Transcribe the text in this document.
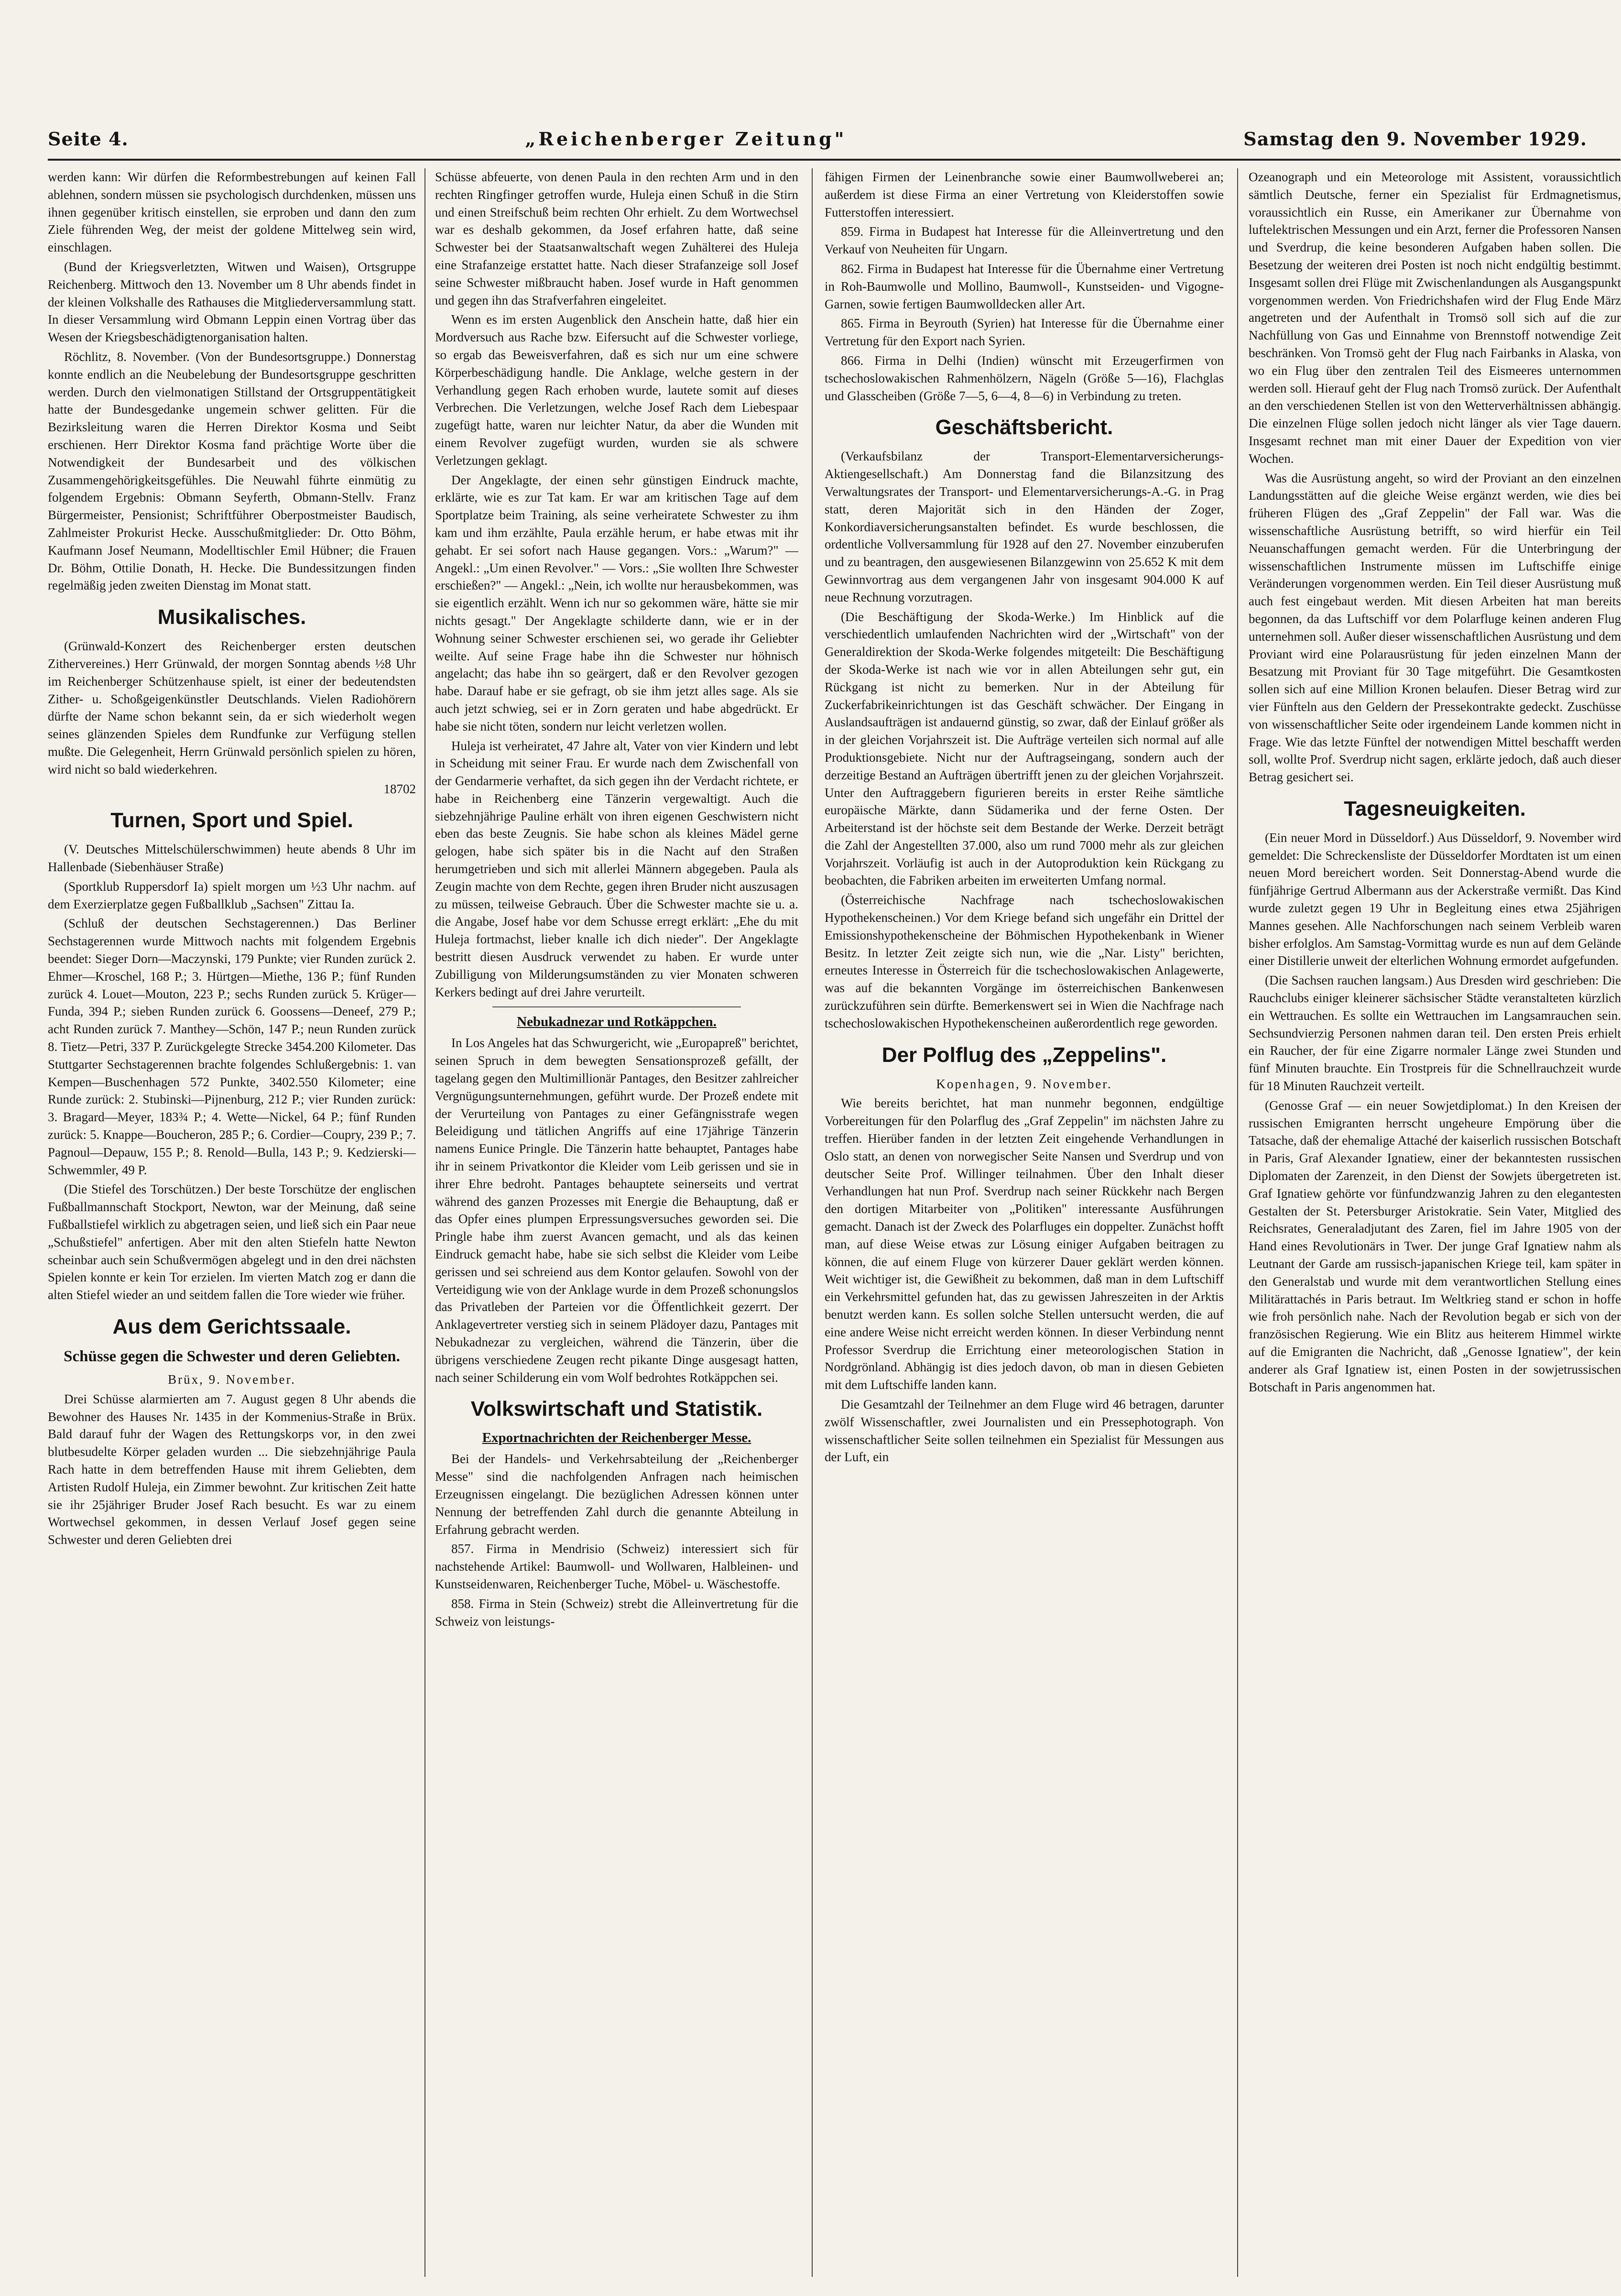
Seite 4.	„Reichenberger Zeitung"	Samstag den 9. November 1929.

werden kann: Wir dürfen die Reformbestrebungen auf keinen Fall ablehnen, sondern müssen sie psychologisch durchdenken, müssen uns ihnen gegenüber kritisch einstellen, sie erproben und dann den zum Ziele führenden Weg, der meist der goldene Mittelweg sein wird, einschlagen.

(Bund der Kriegsverletzten, Witwen und Waisen), Ortsgruppe Reichenberg. Mittwoch den 13. November um 8 Uhr abends findet in der kleinen Volkshalle des Rathauses die Mitgliederversammlung statt. In dieser Versammlung wird Obmann Leppin einen Vortrag über das Wesen der Kriegsbeschädigtenorganisation halten.

Röchlitz, 8. November. (Von der Bundesortsgruppe.) Donnerstag konnte endlich an die Neubelebung der Bundesortsgruppe geschritten werden. Durch den vielmonatigen Stillstand der Ortsgruppentätigkeit hatte der Bundesgedanke ungemein schwer gelitten. Für die Bezirksleitung waren die Herren Direktor Kosma und Seibt erschienen. Herr Direktor Kosma fand prächtige Worte über die Notwendigkeit der Bundesarbeit und des völkischen Zusammengehörigkeitsgefühles. Die Neuwahl führte einmütig zu folgendem Ergebnis: Obmann Seyferth, Obmann-Stellv. Franz Bürgermeister, Pensionist; Schriftführer Oberpostmeister Baudisch, Zahlmeister Prokurist Hecke. Ausschußmitglieder: Dr. Otto Böhm, Kaufmann Josef Neumann, Modelltischler Emil Hübner; die Frauen Dr. Böhm, Ottilie Donath, H. Hecke. Die Bundessitzungen finden regelmäßig jeden zweiten Dienstag im Monat statt.

Musikalisches.

(Grünwald-Konzert des Reichenberger ersten deutschen Zithervereines.) Herr Grünwald, der morgen Sonntag abends ½8 Uhr im Reichenberger Schützenhause spielt, ist einer der bedeutendsten Zither- u. Schoßgeigenkünstler Deutschlands. Vielen Radiohörern dürfte der Name schon bekannt sein, da er sich wiederholt wegen seines glänzenden Spieles dem Rundfunke zur Verfügung stellen mußte. Die Gelegenheit, Herrn Grünwald persönlich spielen zu hören, wird nicht so bald wiederkehren.

18702

Turnen, Sport und Spiel.

(V. Deutsches Mittelschülerschwimmen) heute abends 8 Uhr im Hallenbade (Siebenhäuser Straße)

(Sportklub Ruppersdorf Ia) spielt morgen um ½3 Uhr nachm. auf dem Exerzierplatze gegen Fußballklub „Sachsen" Zittau Ia.

(Schluß der deutschen Sechstagerennen.) Das Berliner Sechstagerennen wurde Mittwoch nachts mit folgendem Ergebnis beendet: Sieger Dorn—Maczynski, 179 Punkte; vier Runden zurück 2. Ehmer—Kroschel, 168 P.; 3. Hürtgen—Miethe, 136 P.; fünf Runden zurück 4. Louet—Mouton, 223 P.; sechs Runden zurück 5. Krüger—Funda, 394 P.; sieben Runden zurück 6. Goossens—Deneef, 279 P.; acht Runden zurück 7. Manthey—Schön, 147 P.; neun Runden zurück 8. Tietz—Petri, 337 P. Zurückgelegte Strecke 3454.200 Kilometer. Das Stuttgarter Sechstagerennen brachte folgendes Schlußergebnis: 1. van Kempen—Buschenhagen 572 Punkte, 3402.550 Kilometer; eine Runde zurück: 2. Stubinski—Pijnenburg, 212 P.; vier Runden zurück: 3. Bragard—Meyer, 183¾ P.; 4. Wette—Nickel, 64 P.; fünf Runden zurück: 5. Knappe—Boucheron, 285 P.; 6. Cordier—Coupry, 239 P.; 7. Pagnoul—Depauw, 155 P.; 8. Renold—Bulla, 143 P.; 9. Kedzierski—Schwemmler, 49 P.

(Die Stiefel des Torschützen.) Der beste Torschütze der englischen Fußballmannschaft Stockport, Newton, war der Meinung, daß seine Fußballstiefel wirklich zu abgetragen seien, und ließ sich ein Paar neue „Schußstiefel" anfertigen. Aber mit den alten Stiefeln hatte Newton scheinbar auch sein Schußvermögen abgelegt und in den drei nächsten Spielen konnte er kein Tor erzielen. Im vierten Match zog er dann die alten Stiefel wieder an und seitdem fallen die Tore wieder wie früher.

Aus dem Gerichtssaale.
Schüsse gegen die Schwester und deren Geliebten.

Brüx, 9. November.

Drei Schüsse alarmierten am 7. August gegen 8 Uhr abends die Bewohner des Hauses Nr. 1435 in der Kommenius-Straße in Brüx. Bald darauf fuhr der Wagen des Rettungskorps vor, in den zwei blutbesudelte Körper geladen wurden ... Die siebzehnjährige Paula Rach hatte in dem betreffenden Hause mit ihrem Geliebten, dem Artisten Rudolf Huleja, ein Zimmer bewohnt. Zur kritischen Zeit hatte sie ihr 25jähriger Bruder Josef Rach besucht. Es war zu einem Wortwechsel gekommen, in dessen Verlauf Josef gegen seine Schwester und deren Geliebten drei

Schüsse abfeuerte, von denen Paula in den rechten Arm und in den rechten Ringfinger getroffen wurde, Huleja einen Schuß in die Stirn und einen Streifschuß beim rechten Ohr erhielt. Zu dem Wortwechsel war es deshalb gekommen, da Josef erfahren hatte, daß seine Schwester bei der Staatsanwaltschaft wegen Zuhälterei des Huleja eine Strafanzeige erstattet hatte. Nach dieser Strafanzeige soll Josef seine Schwester mißbraucht haben. Josef wurde in Haft genommen und gegen ihn das Strafverfahren eingeleitet.

Wenn es im ersten Augenblick den Anschein hatte, daß hier ein Mordversuch aus Rache bzw. Eifersucht auf die Schwester vorliege, so ergab das Beweisverfahren, daß es sich nur um eine schwere Körperbeschädigung handle. Die Anklage, welche gestern in der Verhandlung gegen Rach erhoben wurde, lautete somit auf dieses Verbrechen. Die Verletzungen, welche Josef Rach dem Liebespaar zugefügt hatte, waren nur leichter Natur, da aber die Wunden mit einem Revolver zugefügt wurden, wurden sie als schwere Verletzungen geklagt.

Der Angeklagte, der einen sehr günstigen Eindruck machte, erklärte, wie es zur Tat kam. Er war am kritischen Tage auf dem Sportplatze beim Training, als seine verheiratete Schwester zu ihm kam und ihm erzählte, Paula erzähle herum, er habe etwas mit ihr gehabt. Er sei sofort nach Hause gegangen. Vors.: „Warum?" — Angekl.: „Um einen Revolver." — Vors.: „Sie wollten Ihre Schwester erschießen?" — Angekl.: „Nein, ich wollte nur herausbekommen, was sie eigentlich erzählt. Wenn ich nur so gekommen wäre, hätte sie mir nichts gesagt." Der Angeklagte schilderte dann, wie er in der Wohnung seiner Schwester erschienen sei, wo gerade ihr Geliebter weilte. Auf seine Frage habe ihn die Schwester nur höhnisch angelacht; das habe ihn so geärgert, daß er den Revolver gezogen habe. Darauf habe er sie gefragt, ob sie ihm jetzt alles sage. Als sie auch jetzt schwieg, sei er in Zorn geraten und habe abgedrückt. Er habe sie nicht töten, sondern nur leicht verletzen wollen.

Huleja ist verheiratet, 47 Jahre alt, Vater von vier Kindern und lebt in Scheidung mit seiner Frau. Er wurde nach dem Zwischenfall von der Gendarmerie verhaftet, da sich gegen ihn der Verdacht richtete, er habe in Reichenberg eine Tänzerin vergewaltigt. Auch die siebzehnjährige Pauline erhält von ihren eigenen Geschwistern nicht eben das beste Zeugnis. Sie habe schon als kleines Mädel gerne gelogen, habe sich später bis in die Nacht auf den Straßen herumgetrieben und sich mit allerlei Männern abgegeben. Paula als Zeugin machte von dem Rechte, gegen ihren Bruder nicht auszusagen zu müssen, teilweise Gebrauch. Über die Schwester machte sie u. a. die Angabe, Josef habe vor dem Schusse erregt erklärt: „Ehe du mit Huleja fortmachst, lieber knalle ich dich nieder". Der Angeklagte bestritt diesen Ausdruck verwendet zu haben. Er wurde unter Zubilligung von Milderungsumständen zu vier Monaten schweren Kerkers bedingt auf drei Jahre verurteilt.

Nebukadnezar und Rotkäppchen.

In Los Angeles hat das Schwurgericht, wie „Europapreß" berichtet, seinen Spruch in dem bewegten Sensationsprozeß gefällt, der tagelang gegen den Multimillionär Pantages, den Besitzer zahlreicher Vergnügungsunternehmungen, geführt wurde. Der Prozeß endete mit der Verurteilung von Pantages zu einer Gefängnisstrafe wegen Beleidigung und tätlichen Angriffs auf eine 17jährige Tänzerin namens Eunice Pringle. Die Tänzerin hatte behauptet, Pantages habe ihr in seinem Privatkontor die Kleider vom Leib gerissen und sie in ihrer Ehre bedroht. Pantages behauptete seinerseits und vertrat während des ganzen Prozesses mit Energie die Behauptung, daß er das Opfer eines plumpen Erpressungsversuches geworden sei. Die Pringle habe ihm zuerst Avancen gemacht, und als das keinen Eindruck gemacht habe, habe sie sich selbst die Kleider vom Leibe gerissen und sei schreiend aus dem Kontor gelaufen. Sowohl von der Verteidigung wie von der Anklage wurde in dem Prozeß schonungslos das Privatleben der Parteien vor die Öffentlichkeit gezerrt. Der Anklagevertreter verstieg sich in seinem Plädoyer dazu, Pantages mit Nebukadnezar zu vergleichen, während die Tänzerin, über die übrigens verschiedene Zeugen recht pikante Dinge ausgesagt hatten, nach seiner Schilderung ein vom Wolf bedrohtes Rotkäppchen sei.

Volkswirtschaft und Statistik.
Exportnachrichten der Reichenberger Messe.

Bei der Handels- und Verkehrsabteilung der „Reichenberger Messe" sind die nachfolgenden Anfragen nach heimischen Erzeugnissen eingelangt. Die bezüglichen Adressen können unter Nennung der betreffenden Zahl durch die genannte Abteilung in Erfahrung gebracht werden.

857. Firma in Mendrisio (Schweiz) interessiert sich für nachstehende Artikel: Baumwoll- und Wollwaren, Halbleinen- und Kunstseidenwaren, Reichenberger Tuche, Möbel- u. Wäschestoffe.

858. Firma in Stein (Schweiz) strebt die Alleinvertretung für die Schweiz von leistungs-

fähigen Firmen der Leinenbranche sowie einer Baumwollweberei an; außerdem ist diese Firma an einer Vertretung von Kleiderstoffen sowie Futterstoffen interessiert.

859. Firma in Budapest hat Interesse für die Alleinvertretung und den Verkauf von Neuheiten für Ungarn.

862. Firma in Budapest hat Interesse für die Übernahme einer Vertretung in Roh-Baumwolle und Mollino, Baumwoll-, Kunstseiden- und Vigogne-Garnen, sowie fertigen Baumwolldecken aller Art.

865. Firma in Beyrouth (Syrien) hat Interesse für die Übernahme einer Vertretung für den Export nach Syrien.

866. Firma in Delhi (Indien) wünscht mit Erzeugerfirmen von tschechoslowakischen Rahmenhölzern, Nägeln (Größe 5—16), Flachglas und Glasscheiben (Größe 7—5, 6—4, 8—6) in Verbindung zu treten.

Geschäftsbericht.

(Verkaufsbilanz der Transport-Elementarversicherungs-Aktiengesellschaft.) Am Donnerstag fand die Bilanzsitzung des Verwaltungsrates der Transport- und Elementarversicherungs-A.-G. in Prag statt, deren Majorität sich in den Händen der Zoger, Konkordiaversicherungsanstalten befindet. Es wurde beschlossen, die ordentliche Vollversammlung für 1928 auf den 27. November einzuberufen und zu beantragen, den ausgewiesenen Bilanzgewinn von 25.652 K mit dem Gewinnvortrag aus dem vergangenen Jahr von insgesamt 904.000 K auf neue Rechnung vorzutragen.

(Die Beschäftigung der Skoda-Werke.) Im Hinblick auf die verschiedentlich umlaufenden Nachrichten wird der „Wirtschaft" von der Generaldirektion der Skoda-Werke folgendes mitgeteilt: Die Beschäftigung der Skoda-Werke ist nach wie vor in allen Abteilungen sehr gut, ein Rückgang ist nicht zu bemerken. Nur in der Abteilung für Zuckerfabrikeinrichtungen ist das Geschäft schwächer. Der Eingang in Auslandsaufträgen ist andauernd günstig, so zwar, daß der Einlauf größer als in der gleichen Vorjahrszeit ist. Die Aufträge verteilen sich normal auf alle Produktionsgebiete. Nicht nur der Auftragseingang, sondern auch der derzeitige Bestand an Aufträgen übertrifft jenen zu der gleichen Vorjahrszeit. Unter den Auftraggebern figurieren bereits in erster Reihe sämtliche europäische Märkte, dann Südamerika und der ferne Osten. Der Arbeiterstand ist der höchste seit dem Bestande der Werke. Derzeit beträgt die Zahl der Angestellten 37.000, also um rund 7000 mehr als zur gleichen Vorjahrszeit. Vorläufig ist auch in der Autoproduktion kein Rückgang zu beobachten, die Fabriken arbeiten im erweiterten Umfang normal.

(Österreichische Nachfrage nach tschechoslowakischen Hypothekenscheinen.) Vor dem Kriege befand sich ungefähr ein Drittel der Emissionshypothekenscheine der Böhmischen Hypothekenbank in Wiener Besitz. In letzter Zeit zeigte sich nun, wie die „Nar. Listy" berichten, erneutes Interesse in Österreich für die tschechoslowakischen Anlagewerte, was auf die bekannten Vorgänge im österreichischen Bankenwesen zurückzuführen sein dürfte. Bemerkenswert sei in Wien die Nachfrage nach tschechoslowakischen Hypothekenscheinen außerordentlich rege geworden.

Der Polflug des „Zeppelins".

Kopenhagen, 9. November.

Wie bereits berichtet, hat man nunmehr begonnen, endgültige Vorbereitungen für den Polarflug des „Graf Zeppelin" im nächsten Jahre zu treffen. Hierüber fanden in der letzten Zeit eingehende Verhandlungen in Oslo statt, an denen von norwegischer Seite Nansen und Sverdrup und von deutscher Seite Prof. Willinger teilnahmen. Über den Inhalt dieser Verhandlungen hat nun Prof. Sverdrup nach seiner Rückkehr nach Bergen den dortigen Mitarbeiter von „Politiken" interessante Ausführungen gemacht. Danach ist der Zweck des Polarfluges ein doppelter. Zunächst hofft man, auf diese Weise etwas zur Lösung einiger Aufgaben beitragen zu können, die auf einem Fluge von kürzerer Dauer geklärt werden können. Weit wichtiger ist, die Gewißheit zu bekommen, daß man in dem Luftschiff ein Verkehrsmittel gefunden hat, das zu gewissen Jahreszeiten in der Arktis benutzt werden kann. Es sollen solche Stellen untersucht werden, die auf eine andere Weise nicht erreicht werden können. In dieser Verbindung nennt Professor Sverdrup die Errichtung einer meteorologischen Station in Nordgrönland. Abhängig ist dies jedoch davon, ob man in diesen Gebieten mit dem Luftschiffe landen kann.

Die Gesamtzahl der Teilnehmer an dem Fluge wird 46 betragen, darunter zwölf Wissenschaftler, zwei Journalisten und ein Pressephotograph. Von wissenschaftlicher Seite sollen teilnehmen ein Spezialist für Messungen aus der Luft, ein

Ozeanograph und ein Meteorologe mit Assistent, voraussichtlich sämtlich Deutsche, ferner ein Spezialist für Erdmagnetismus, voraussichtlich ein Russe, ein Amerikaner zur Übernahme von luftelektrischen Messungen und ein Arzt, ferner die Professoren Nansen und Sverdrup, die keine besonderen Aufgaben haben sollen. Die Besetzung der weiteren drei Posten ist noch nicht endgültig bestimmt. Insgesamt sollen drei Flüge mit Zwischenlandungen als Ausgangspunkt vorgenommen werden. Von Friedrichshafen wird der Flug Ende März angetreten und der Aufenthalt in Tromsö soll sich auf die zur Nachfüllung von Gas und Einnahme von Brennstoff notwendige Zeit beschränken. Von Tromsö geht der Flug nach Fairbanks in Alaska, von wo ein Flug über den zentralen Teil des Eismeeres unternommen werden soll. Hierauf geht der Flug nach Tromsö zurück. Der Aufenthalt an den verschiedenen Stellen ist von den Wetterverhältnissen abhängig. Die einzelnen Flüge sollen jedoch nicht länger als vier Tage dauern. Insgesamt rechnet man mit einer Dauer der Expedition von vier Wochen.

Was die Ausrüstung angeht, so wird der Proviant an den einzelnen Landungsstätten auf die gleiche Weise ergänzt werden, wie dies bei früheren Flügen des „Graf Zeppelin" der Fall war. Was die wissenschaftliche Ausrüstung betrifft, so wird hierfür ein Teil Neuanschaffungen gemacht werden. Für die Unterbringung der wissenschaftlichen Instrumente müssen im Luftschiffe einige Veränderungen vorgenommen werden. Ein Teil dieser Ausrüstung muß auch fest eingebaut werden. Mit diesen Arbeiten hat man bereits begonnen, da das Luftschiff vor dem Polarfluge keinen anderen Flug unternehmen soll. Außer dieser wissenschaftlichen Ausrüstung und dem Proviant wird eine Polarausrüstung für jeden einzelnen Mann der Besatzung mit Proviant für 30 Tage mitgeführt. Die Gesamtkosten sollen sich auf eine Million Kronen belaufen. Dieser Betrag wird zur vier Fünfteln aus den Geldern der Pressekontrakte gedeckt. Zuschüsse von wissenschaftlicher Seite oder irgendeinem Lande kommen nicht in Frage. Wie das letzte Fünftel der notwendigen Mittel beschafft werden soll, wollte Prof. Sverdrup nicht sagen, erklärte jedoch, daß auch dieser Betrag gesichert sei.

Tagesneuigkeiten.

(Ein neuer Mord in Düsseldorf.) Aus Düsseldorf, 9. November wird gemeldet: Die Schreckensliste der Düsseldorfer Mordtaten ist um einen neuen Mord bereichert worden. Seit Donnerstag-Abend wurde die fünfjährige Gertrud Albermann aus der Ackerstraße vermißt. Das Kind wurde zuletzt gegen 19 Uhr in Begleitung eines etwa 25jährigen Mannes gesehen. Alle Nachforschungen nach seinem Verbleib waren bisher erfolglos. Am Samstag-Vormittag wurde es nun auf dem Gelände einer Distillerie unweit der elterlichen Wohnung ermordet aufgefunden.

(Die Sachsen rauchen langsam.) Aus Dresden wird geschrieben: Die Rauchclubs einiger kleinerer sächsischer Städte veranstalteten kürzlich ein Wettrauchen. Es sollte ein Wettrauchen im Langsamrauchen sein. Sechsundvierzig Personen nahmen daran teil. Den ersten Preis erhielt ein Raucher, der für eine Zigarre normaler Länge zwei Stunden und fünf Minuten brauchte. Ein Trostpreis für die Schnellrauchzeit wurde für 18 Minuten Rauchzeit verteilt.

(Genosse Graf — ein neuer Sowjetdiplomat.) In den Kreisen der russischen Emigranten herrscht ungeheure Empörung über die Tatsache, daß der ehemalige Attaché der kaiserlich russischen Botschaft in Paris, Graf Alexander Ignatiew, einer der bekanntesten russischen Diplomaten der Zarenzeit, in den Dienst der Sowjets übergetreten ist. Graf Ignatiew gehörte vor fünfundzwanzig Jahren zu den elegantesten Gestalten der St. Petersburger Aristokratie. Sein Vater, Mitglied des Reichsrates, Generaladjutant des Zaren, fiel im Jahre 1905 von der Hand eines Revolutionärs in Twer. Der junge Graf Ignatiew nahm als Leutnant der Garde am russisch-japanischen Kriege teil, kam später in den Generalstab und wurde mit dem verantwortlichen Stellung eines Militärattachés in Paris betraut. Im Weltkrieg stand er schon in hoffe wie froh persönlich nahe. Nach der Revolution begab er sich von der französischen Regierung. Wie ein Blitz aus heiterem Himmel wirkte auf die Emigranten die Nachricht, daß „Genosse Ignatiew", der kein anderer als Graf Ignatiew ist, einen Posten in der sowjetrussischen Botschaft in Paris angenommen hat.
